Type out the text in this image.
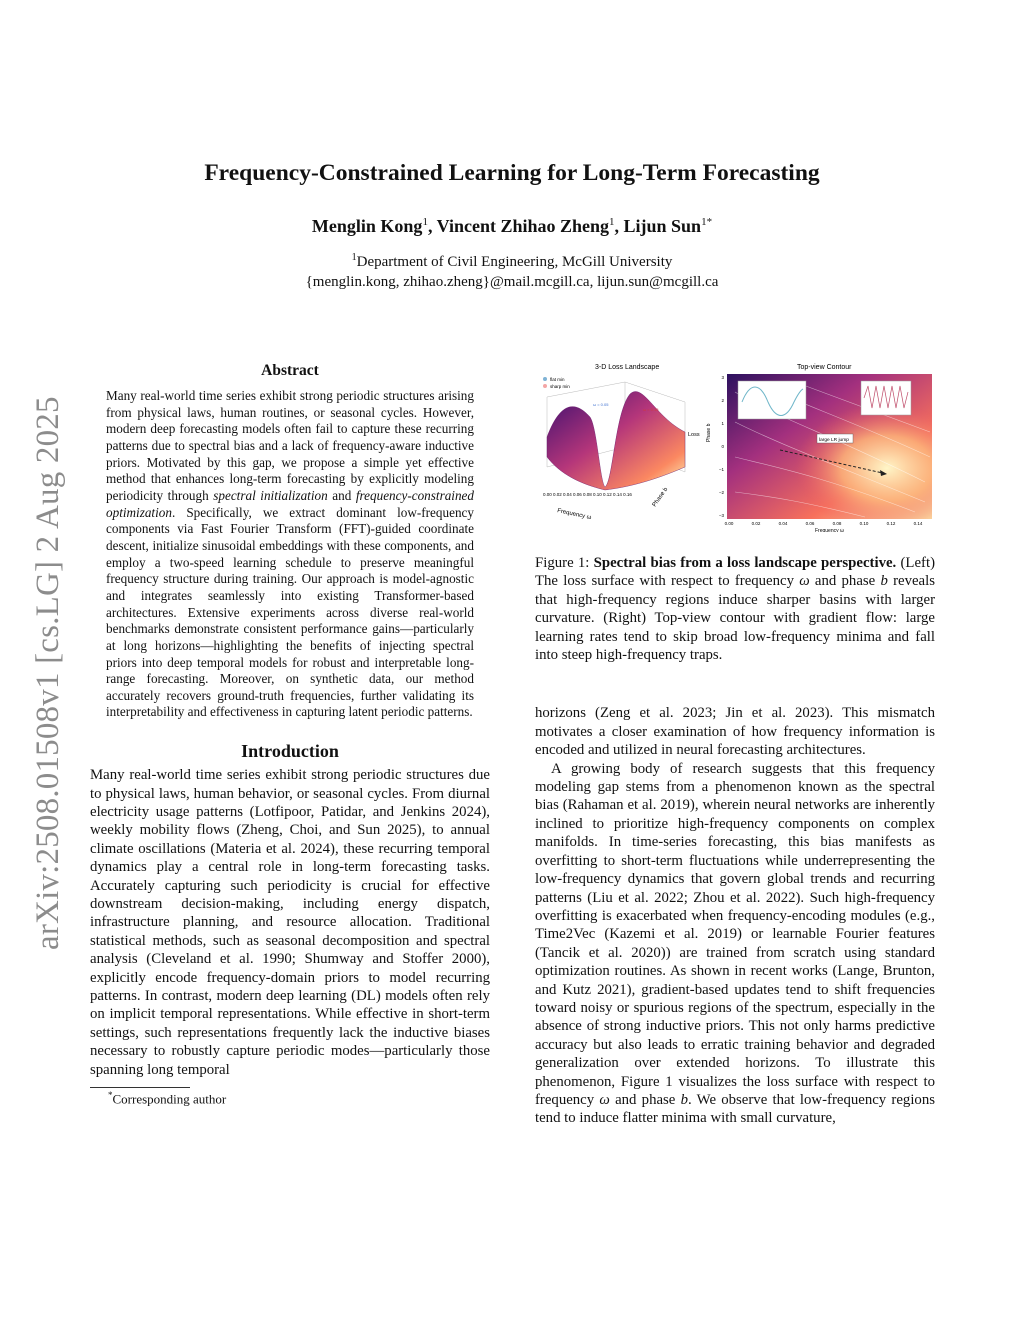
arXiv:2508.01508v1 [cs.LG] 2 Aug 2025
Frequency-Constrained Learning for Long-Term Forecasting
Menglin Kong$^1$, Vincent Zhihao Zheng$^1$, Lijun Sun$^{1*}$
$^1$Department of Civil Engineering, McGill University
{menglin.kong, zhihao.zheng}@mail.mcgill.ca, lijun.sun@mcgill.ca
Abstract

Many real-world time series exhibit strong periodic structures arising from physical laws, human routines, or seasonal cycles. However, modern deep forecasting models often fail to capture these recurring patterns due to spectral bias and a lack of frequency-aware inductive priors. Motivated by this gap, we propose a simple yet effective method that enhances long-term forecasting by explicitly modeling periodicity through spectral initialization and frequency-constrained optimization. Specifically, we extract dominant low-frequency components via Fast Fourier Transform (FFT)-guided coordinate descent, initialize sinusoidal embeddings with these components, and employ a two-speed learning schedule to preserve meaningful frequency structure during training. Our approach is model-agnostic and integrates seamlessly into existing Transformer-based architectures. Extensive experiments across diverse real-world benchmarks demonstrate consistent performance gains—particularly at long horizons—highlighting the benefits of injecting spectral priors into deep temporal models for robust and interpretable long-range forecasting. Moreover, on synthetic data, our method accurately recovers ground-truth frequencies, further validating its interpretability and effectiveness in capturing latent periodic patterns.

Introduction

Many real-world time series exhibit strong periodic structures due to physical laws, human behavior, or seasonal cycles. From diurnal electricity usage patterns (Lotfipoor, Patidar, and Jenkins 2024), weekly mobility flows (Zheng, Choi, and Sun 2025), to annual climate oscillations (Materia et al. 2024), these recurring temporal dynamics play a central role in long-term forecasting tasks. Accurately capturing such periodicity is crucial for effective downstream decision-making, including energy dispatch, infrastructure planning, and resource allocation. Traditional statistical methods, such as seasonal decomposition and spectral analysis (Cleveland et al. 1990; Shumway and Stoffer 2000), explicitly encode frequency-domain priors to model recurring patterns. In contrast, modern deep learning (DL) models often rely on implicit temporal representations. While effective in short-term settings, such representations frequently lack the inductive biases necessary to robustly capture periodic modes—particularly those spanning long temporal

*Corresponding author
3-D Loss Landscape
flat min
sharp min
ω = 0.05
ω = 0.15
Loss
0.00 0.02 0.04 0.06 0.08 0.10 0.12 0.14 0.16
Frequency ω
Phase b
Top-view Contour
large LR jump
Phase b
3
2
1
0
−1
−2
−3
0.00	0.02	0.04	0.06	0.08	0.10	0.12	0.14
Frequency ω

Figure 1: Spectral bias from a loss landscape perspective. (Left) The loss surface with respect to frequency ω and phase b reveals that high-frequency regions induce sharper basins with larger curvature. (Right) Top-view contour with gradient flow: large learning rates tend to skip broad low-frequency minima and fall into steep high-frequency traps.

horizons (Zeng et al. 2023; Jin et al. 2023). This mismatch motivates a closer examination of how frequency information is encoded and utilized in neural forecasting architectures.

A growing body of research suggests that this frequency modeling gap stems from a phenomenon known as the spectral bias (Rahaman et al. 2019), wherein neural networks are inherently inclined to prioritize high-frequency components on complex manifolds. In time-series forecasting, this bias manifests as overfitting to short-term fluctuations while underrepresenting the low-frequency dynamics that govern global trends and recurring patterns (Liu et al. 2022; Zhou et al. 2022). Such high-frequency overfitting is exacerbated when frequency-encoding modules (e.g., Time2Vec (Kazemi et al. 2019) or learnable Fourier features (Tancik et al. 2020)) are trained from scratch using standard optimization routines. As shown in recent works (Lange, Brunton, and Kutz 2021), gradient-based updates tend to shift frequencies toward noisy or spurious regions of the spectrum, especially in the absence of strong inductive priors. This not only harms predictive accuracy but also leads to erratic training behavior and degraded generalization over extended horizons. To illustrate this phenomenon, Figure 1 visualizes the loss surface with respect to frequency ω and phase b. We observe that low-frequency regions tend to induce flatter minima with small curvature,
